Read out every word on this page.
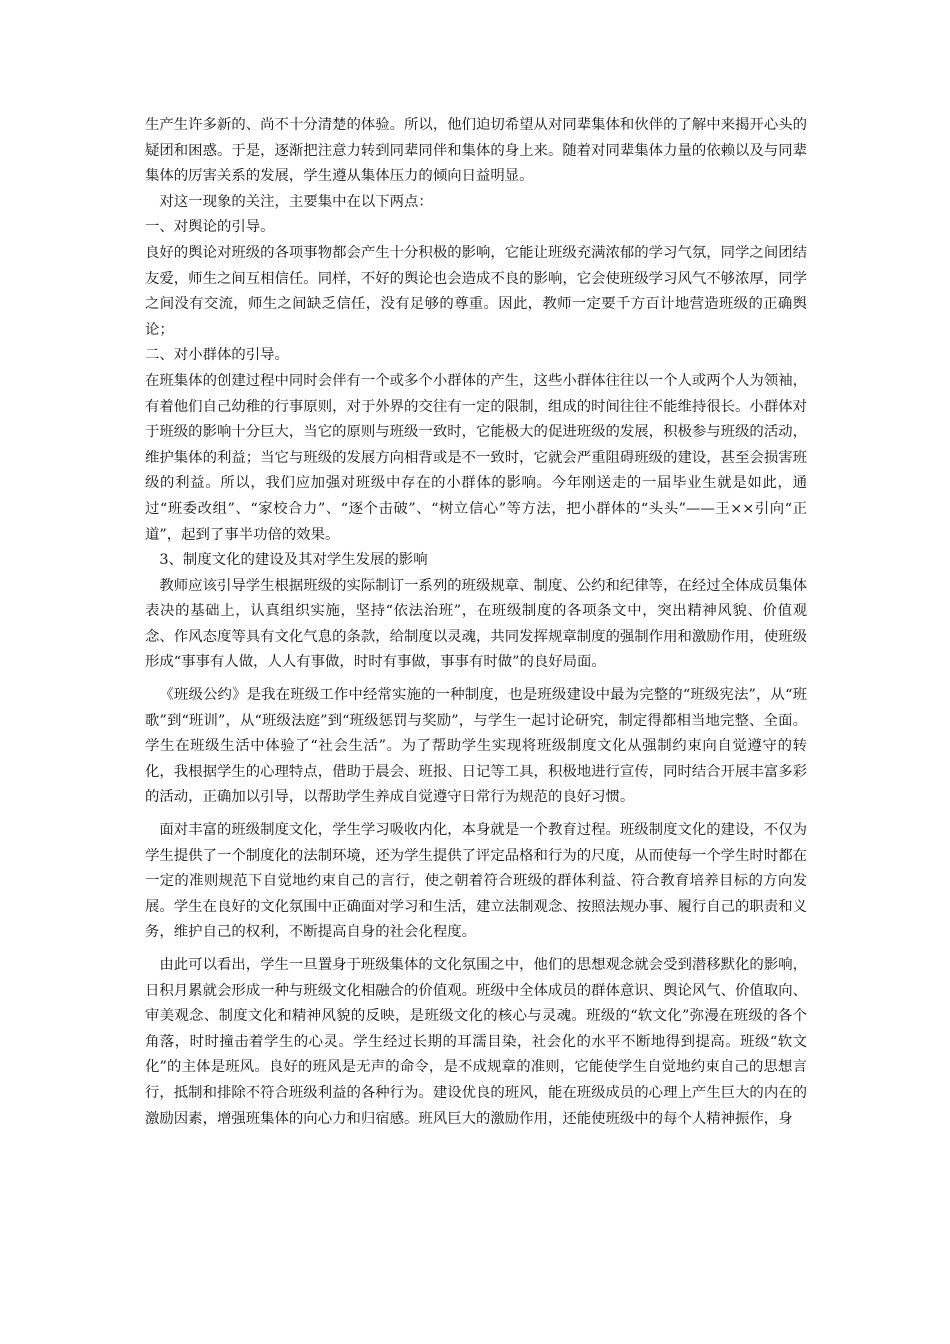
生产生许多新的、尚不十分清楚的体验。所以，他们迫切希望从对同辈集体和伙伴的了解中来揭开心头的疑团和困惑。于是，逐渐把注意力转到同辈同伴和集体的身上来。随着对同辈集体力量的依赖以及与同辈集体的厉害关系的发展，学生遵从集体压力的倾向日益明显。

对这一现象的关注，主要集中在以下两点：

一、对舆论的引导。

良好的舆论对班级的各项事物都会产生十分积极的影响，它能让班级充满浓郁的学习气氛，同学之间团结友爱，师生之间互相信任。同样，不好的舆论也会造成不良的影响，它会使班级学习风气不够浓厚，同学之间没有交流，师生之间缺乏信任，没有足够的尊重。因此，教师一定要千方百计地营造班级的正确舆论；

二、对小群体的引导。

在班集体的创建过程中同时会伴有一个或多个小群体的产生，这些小群体往往以一个人或两个人为领袖，有着他们自己幼稚的行事原则，对于外界的交往有一定的限制，组成的时间往往不能维持很长。小群体对于班级的影响十分巨大，当它的原则与班级一致时，它能极大的促进班级的发展，积极参与班级的活动，维护集体的利益；当它与班级的发展方向相背或是不一致时，它就会严重阻碍班级的建设，甚至会损害班级的利益。所以，我们应加强对班级中存在的小群体的影响。今年刚送走的一届毕业生就是如此，通过“班委改组”、“家校合力”、“逐个击破”、“树立信心”等方法，把小群体的“头头”——王××引向“正道”，起到了事半功倍的效果。

3、制度文化的建设及其对学生发展的影响

教师应该引导学生根据班级的实际制订一系列的班级规章、制度、公约和纪律等，在经过全体成员集体表决的基础上，认真组织实施，坚持“依法治班”，在班级制度的各项条文中，突出精神风貌、价值观念、作风态度等具有文化气息的条款，给制度以灵魂，共同发挥规章制度的强制作用和激励作用，使班级形成“事事有人做，人人有事做，时时有事做，事事有时做”的良好局面。

《班级公约》是我在班级工作中经常实施的一种制度，也是班级建设中最为完整的“班级宪法”，从“班歌”到“班训”，从“班级法庭”到“班级惩罚与奖励”，与学生一起讨论研究，制定得都相当地完整、全面。学生在班级生活中体验了“社会生活”。为了帮助学生实现将班级制度文化从强制约束向自觉遵守的转化，我根据学生的心理特点，借助于晨会、班报、日记等工具，积极地进行宣传，同时结合开展丰富多彩的活动，正确加以引导，以帮助学生养成自觉遵守日常行为规范的良好习惯。

面对丰富的班级制度文化，学生学习吸收内化，本身就是一个教育过程。班级制度文化的建设，不仅为学生提供了一个制度化的法制环境，还为学生提供了评定品格和行为的尺度，从而使每一个学生时时都在一定的准则规范下自觉地约束自己的言行，使之朝着符合班级的群体利益、符合教育培养目标的方向发展。学生在良好的文化氛围中正确面对学习和生活，建立法制观念、按照法规办事、履行自己的职责和义务，维护自己的权利，不断提高自身的社会化程度。

由此可以看出，学生一旦置身于班级集体的文化氛围之中，他们的思想观念就会受到潜移默化的影响，日积月累就会形成一种与班级文化相融合的价值观。班级中全体成员的群体意识、舆论风气、价值取向、审美观念、制度文化和精神风貌的反映，是班级文化的核心与灵魂。班级的“软文化”弥漫在班级的各个角落，时时撞击着学生的心灵。学生经过长期的耳濡目染，社会化的水平不断地得到提高。班级“软文化”的主体是班风。良好的班风是无声的命令，是不成规章的准则，它能使学生自觉地约束自己的思想言行，抵制和排除不符合班级利益的各种行为。建设优良的班风，能在班级成员的心理上产生巨大的内在的激励因素，增强班集体的向心力和归宿感。班风巨大的激励作用，还能使班级中的每个人精神振作，身
